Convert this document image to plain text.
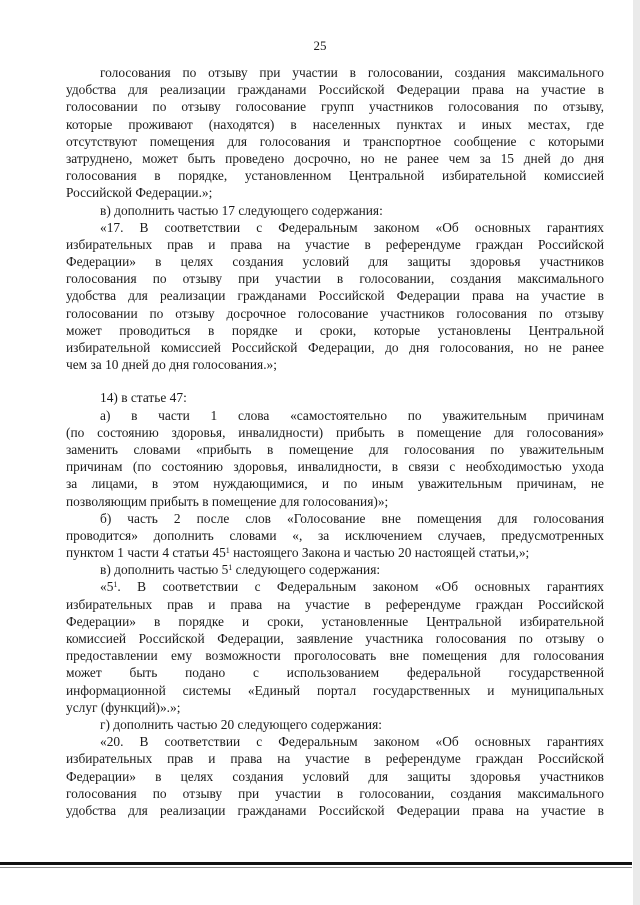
25
голосования по отзыву при участии в голосовании, создания максимального
удобства для реализации гражданами Российской Федерации права на участие в
голосовании по отзыву голосование групп участников голосования по отзыву,
которые проживают (находятся) в населенных пунктах и иных местах, где
отсутствуют помещения для голосования и транспортное сообщение с которыми
затруднено, может быть проведено досрочно, но не ранее чем за 15 дней до дня
голосования в порядке, установленном Центральной избирательной комиссией
Российской Федерации.»;
в) дополнить частью 17 следующего содержания:
«17. В соответствии с Федеральным законом «Об основных гарантиях
избирательных прав и права на участие в референдуме граждан Российской
Федерации» в целях создания условий для защиты здоровья участников
голосования по отзыву при участии в голосовании, создания максимального
удобства для реализации гражданами Российской Федерации права на участие в
голосовании по отзыву досрочное голосование участников голосования по отзыву
может проводиться в порядке и сроки, которые установлены Центральной
избирательной комиссией Российской Федерации, до дня голосования, но не ранее
чем за 10 дней до дня голосования.»;
14) в статье 47:
а) в части 1 слова «самостоятельно по уважительным причинам
(по состоянию здоровья, инвалидности) прибыть в помещение для голосования»
заменить словами «прибыть в помещение для голосования по уважительным
причинам (по состоянию здоровья, инвалидности, в связи с необходимостью ухода
за лицами, в этом нуждающимися, и по иным уважительным причинам, не
позволяющим прибыть в помещение для голосования)»;
б) часть 2 после слов «Голосование вне помещения для голосования
проводится» дополнить словами «, за исключением случаев, предусмотренных
пунктом 1 части 4 статьи $45^1$ настоящего Закона и частью 20 настоящей статьи,»;
в) дополнить частью $5^1$ следующего содержания:
«$5^1$. В соответствии с Федеральным законом «Об основных гарантиях
избирательных прав и права на участие в референдуме граждан Российской
Федерации» в порядке и сроки, установленные Центральной избирательной
комиссией Российской Федерации, заявление участника голосования по отзыву о
предоставлении ему возможности проголосовать вне помещения для голосования
может быть подано с использованием федеральной государственной
информационной системы «Единый портал государственных и муниципальных
услуг (функций)».»;
г) дополнить частью 20 следующего содержания:
«20. В соответствии с Федеральным законом «Об основных гарантиях
избирательных прав и права на участие в референдуме граждан Российской
Федерации» в целях создания условий для защиты здоровья участников
голосования по отзыву при участии в голосовании, создания максимального
удобства для реализации гражданами Российской Федерации права на участие в
